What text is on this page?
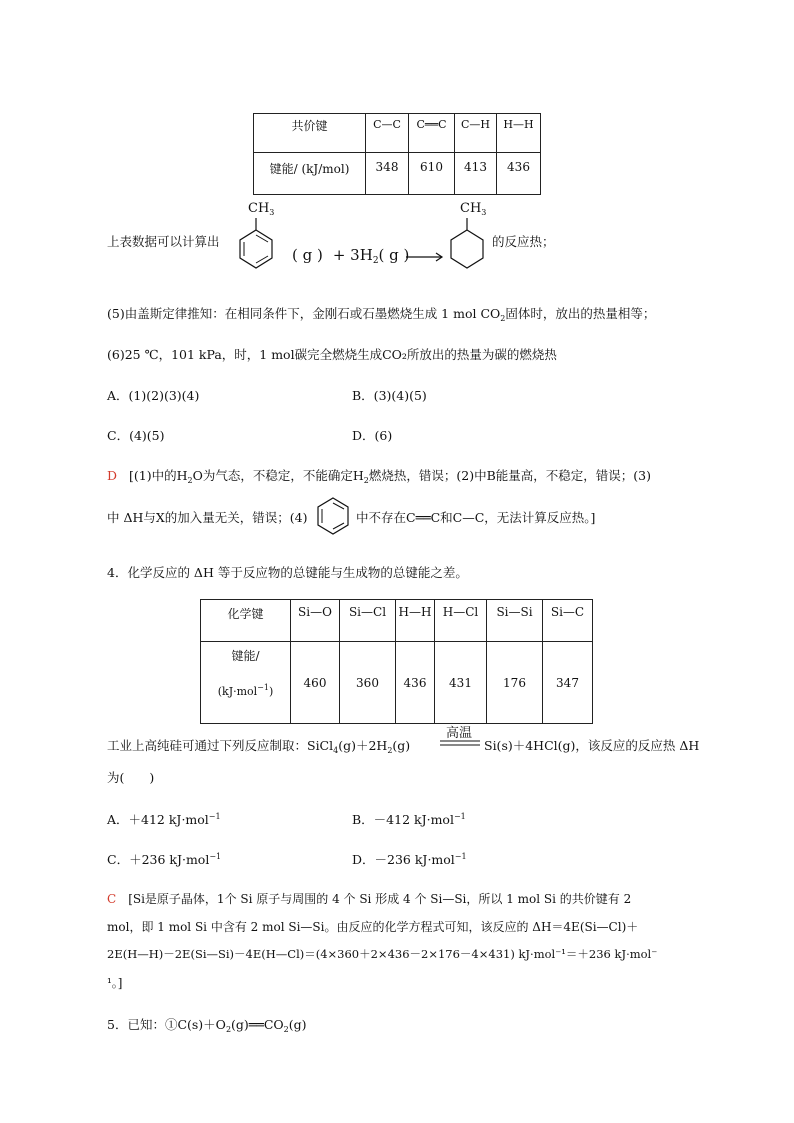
共价键	C—C	C══C	C—H	H—H
键能/ (kJ/mol)	348	610	413	436
上表数据可以计算出
$CH_3$
( g ) + $3H_2$( g )
$CH_3$
的反应热；
(5)由盖斯定律推知：在相同条件下，金刚石或石墨燃烧生成 1 mol $CO_2$固体时，放出的热量相等；
(6)25 ℃，101 kPa，时，1 mol碳完全燃烧生成CO₂所放出的热量为碳的燃烧热
A．(1)(2)(3)(4)	B．(3)(4)(5)
C．(4)(5)	D．(6)
D [(1)中的$H_2O$为气态，不稳定，不能确定$H_2$燃烧热，错误；(2)中B能量高，不稳定，错误；(3)
中 ΔH与X的加入量无关，错误；(4)	中不存在C══C和C—C，无法计算反应热。]
4．化学反应的 ΔH 等于反应物的总键能与生成物的总键能之差。
化学键	Si—O	Si—Cl	H—H	H—Cl	Si—Si	Si—C

键能/
(kJ·mol$^{-1}$)	460	360	436	431	176	347
工业上高纯硅可通过下列反应制取：$SiCl_4(g)+2H_2(g)$
高温
Si(s)＋4HCl(g)，该反应的反应热 ΔH
为(　　)
A．＋412 kJ·mol$^{-1}$	B．－412 kJ·mol$^{-1}$
C．＋236 kJ·mol$^{-1}$	D．－236 kJ·mol$^{-1}$
C [Si是原子晶体，1个 Si 原子与周围的 4 个 Si 形成 4 个 Si—Si，所以 1 mol Si 的共价键有 2
mol，即 1 mol Si 中含有 2 mol Si—Si。由反应的化学方程式可知，该反应的 ΔH＝4E(Si—Cl)＋
2E(H—H)－2E(Si—Si)－4E(H—Cl)＝(4×360＋2×436－2×176－4×431) kJ·mol⁻¹＝＋236 kJ·mol⁻
¹。]
5．已知：$①C(s)+O_2(g)══CO_2(g)$
